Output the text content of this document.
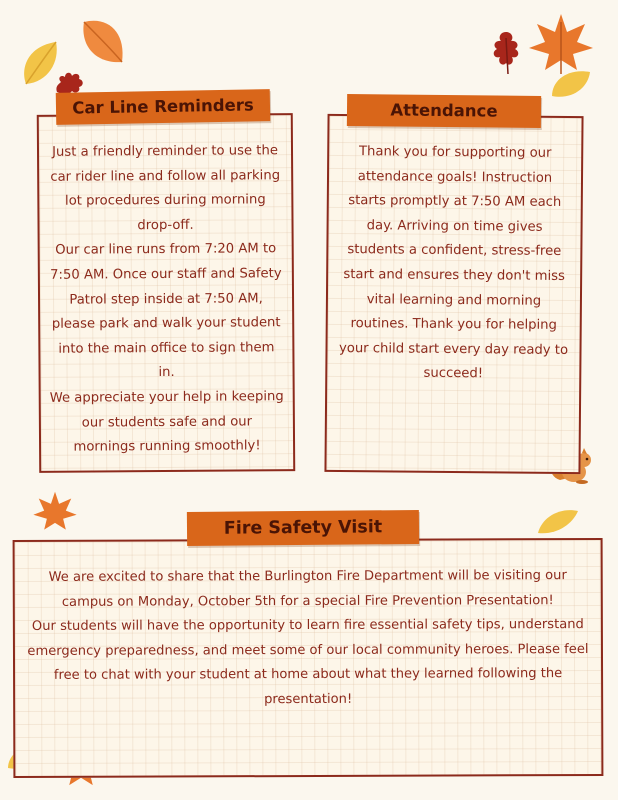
Just a friendly reminder to use the car rider line and follow all parking lot procedures during morning drop-off.

Our car line runs from 7:20 AM to 7:50 AM. Once our staff and Safety Patrol step inside at 7:50 AM, please park and walk your student into the main office to sign them in.

We appreciate your help in keeping our students safe and our mornings running smoothly!

Car Line Reminders

Thank you for supporting our attendance goals! Instruction starts promptly at 7:50 AM each day. Arriving on time gives students a confident, stress-free start and ensures they don't miss vital learning and morning routines. Thank you for helping your child start every day ready to succeed!

Attendance

We are excited to share that the Burlington Fire Department will be visiting our campus on Monday, October 5th for a special Fire Prevention Presentation!

Our students will have the opportunity to learn fire essential safety tips, understand emergency preparedness, and meet some of our local community heroes. Please feel free to chat with your student at home about what they learned following the presentation!

Fire Safety Visit
